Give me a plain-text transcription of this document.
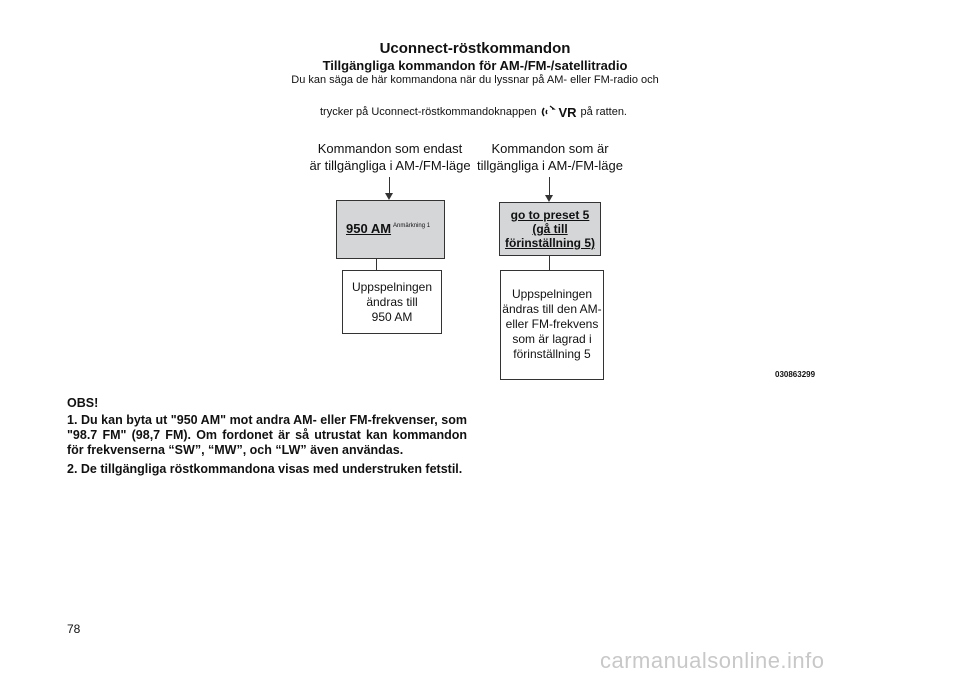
Uconnect-röstkommandon
Tillgängliga kommandon för AM-/FM-/satellitradio
Du kan säga de här kommandona när du lyssnar på AM- eller FM-radio och
trycker på Uconnect-röstkommandoknappen VR på ratten.
Kommandon som endast
är tillgängliga i AM-/FM-läge
950 AM $^{Anmärkning 1}$
Uppspelningen
ändras till
950 AM
Kommandon som är
tillgängliga i AM-/FM-läge
go to preset 5
(gå till
förinställning 5)
Uppspelningen
ändras till den AM-
eller FM-frekvens
som är lagrad i
förinställning 5
030863299

OBS!

1. Du kan byta ut "950 AM" mot andra AM- eller FM-frekvenser, som "98.7 FM" (98,7 FM). Om fordonet är så utrustat kan kommandon för frekvenserna “SW”, “MW”, och “LW” även användas.

2. De tillgängliga röstkommandona visas med understruken fetstil.

78
carmanualsonline.info
